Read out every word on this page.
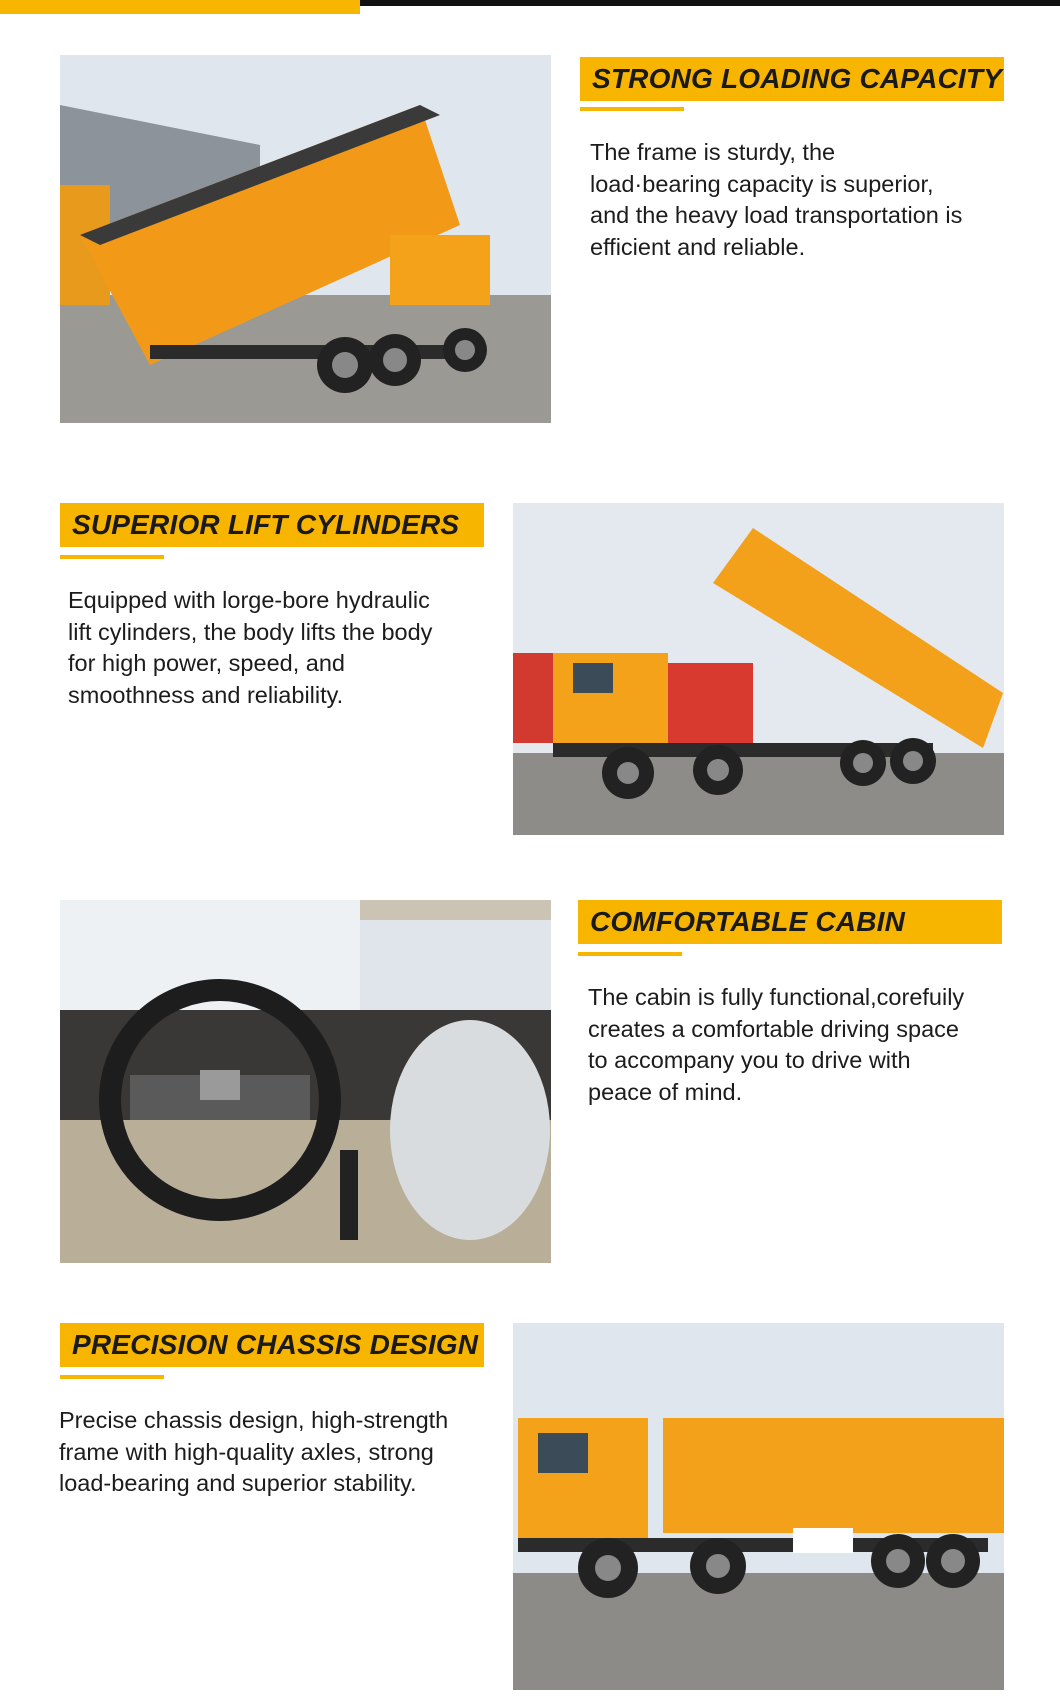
STRONG LOADING CAPACITY
The frame is sturdy, the
load·bearing capacity is superior,
and the heavy load transportation is
efficient and reliable.
SUPERIOR LIFT CYLINDERS
Equipped with lorge-bore hydraulic
lift cylinders, the body lifts the body
for high power, speed, and
smoothness and reliability.
COMFORTABLE CABIN
The cabin is fully functional,corefuily
creates a comfortable driving space
to accompany you to drive with
peace of mind.
PRECISION CHASSIS DESIGN
Precise chassis design, high-strength
frame with high-quality axles, strong
load-bearing and superior stability.
